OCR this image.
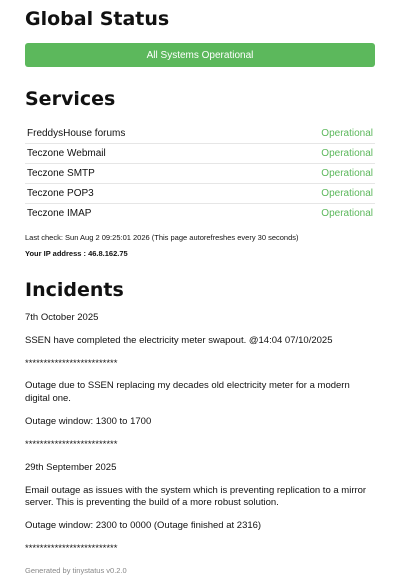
Global Status
All Systems Operational
Services
FreddysHouse forums	Operational
Teczone Webmail	Operational
Teczone SMTP	Operational
Teczone POP3	Operational
Teczone IMAP	Operational
Last check: Sun Aug 2 09:25:01 2026 (This page autorefreshes every 30 seconds)
Your IP address : 46.8.162.75
Incidents

7th October 2025

SSEN have completed the electricity meter swapout. @14:04 07/10/2025

*************************

Outage due to SSEN replacing my decades old electricity meter for a modern digital one.

Outage window: 1300 to 1700

*************************

29th September 2025

Email outage as issues with the system which is preventing replication to a mirror server. This is preventing the build of a more robust solution.

Outage window: 2300 to 0000 (Outage finished at 2316)

*************************

Generated by tinystatus v0.2.0
